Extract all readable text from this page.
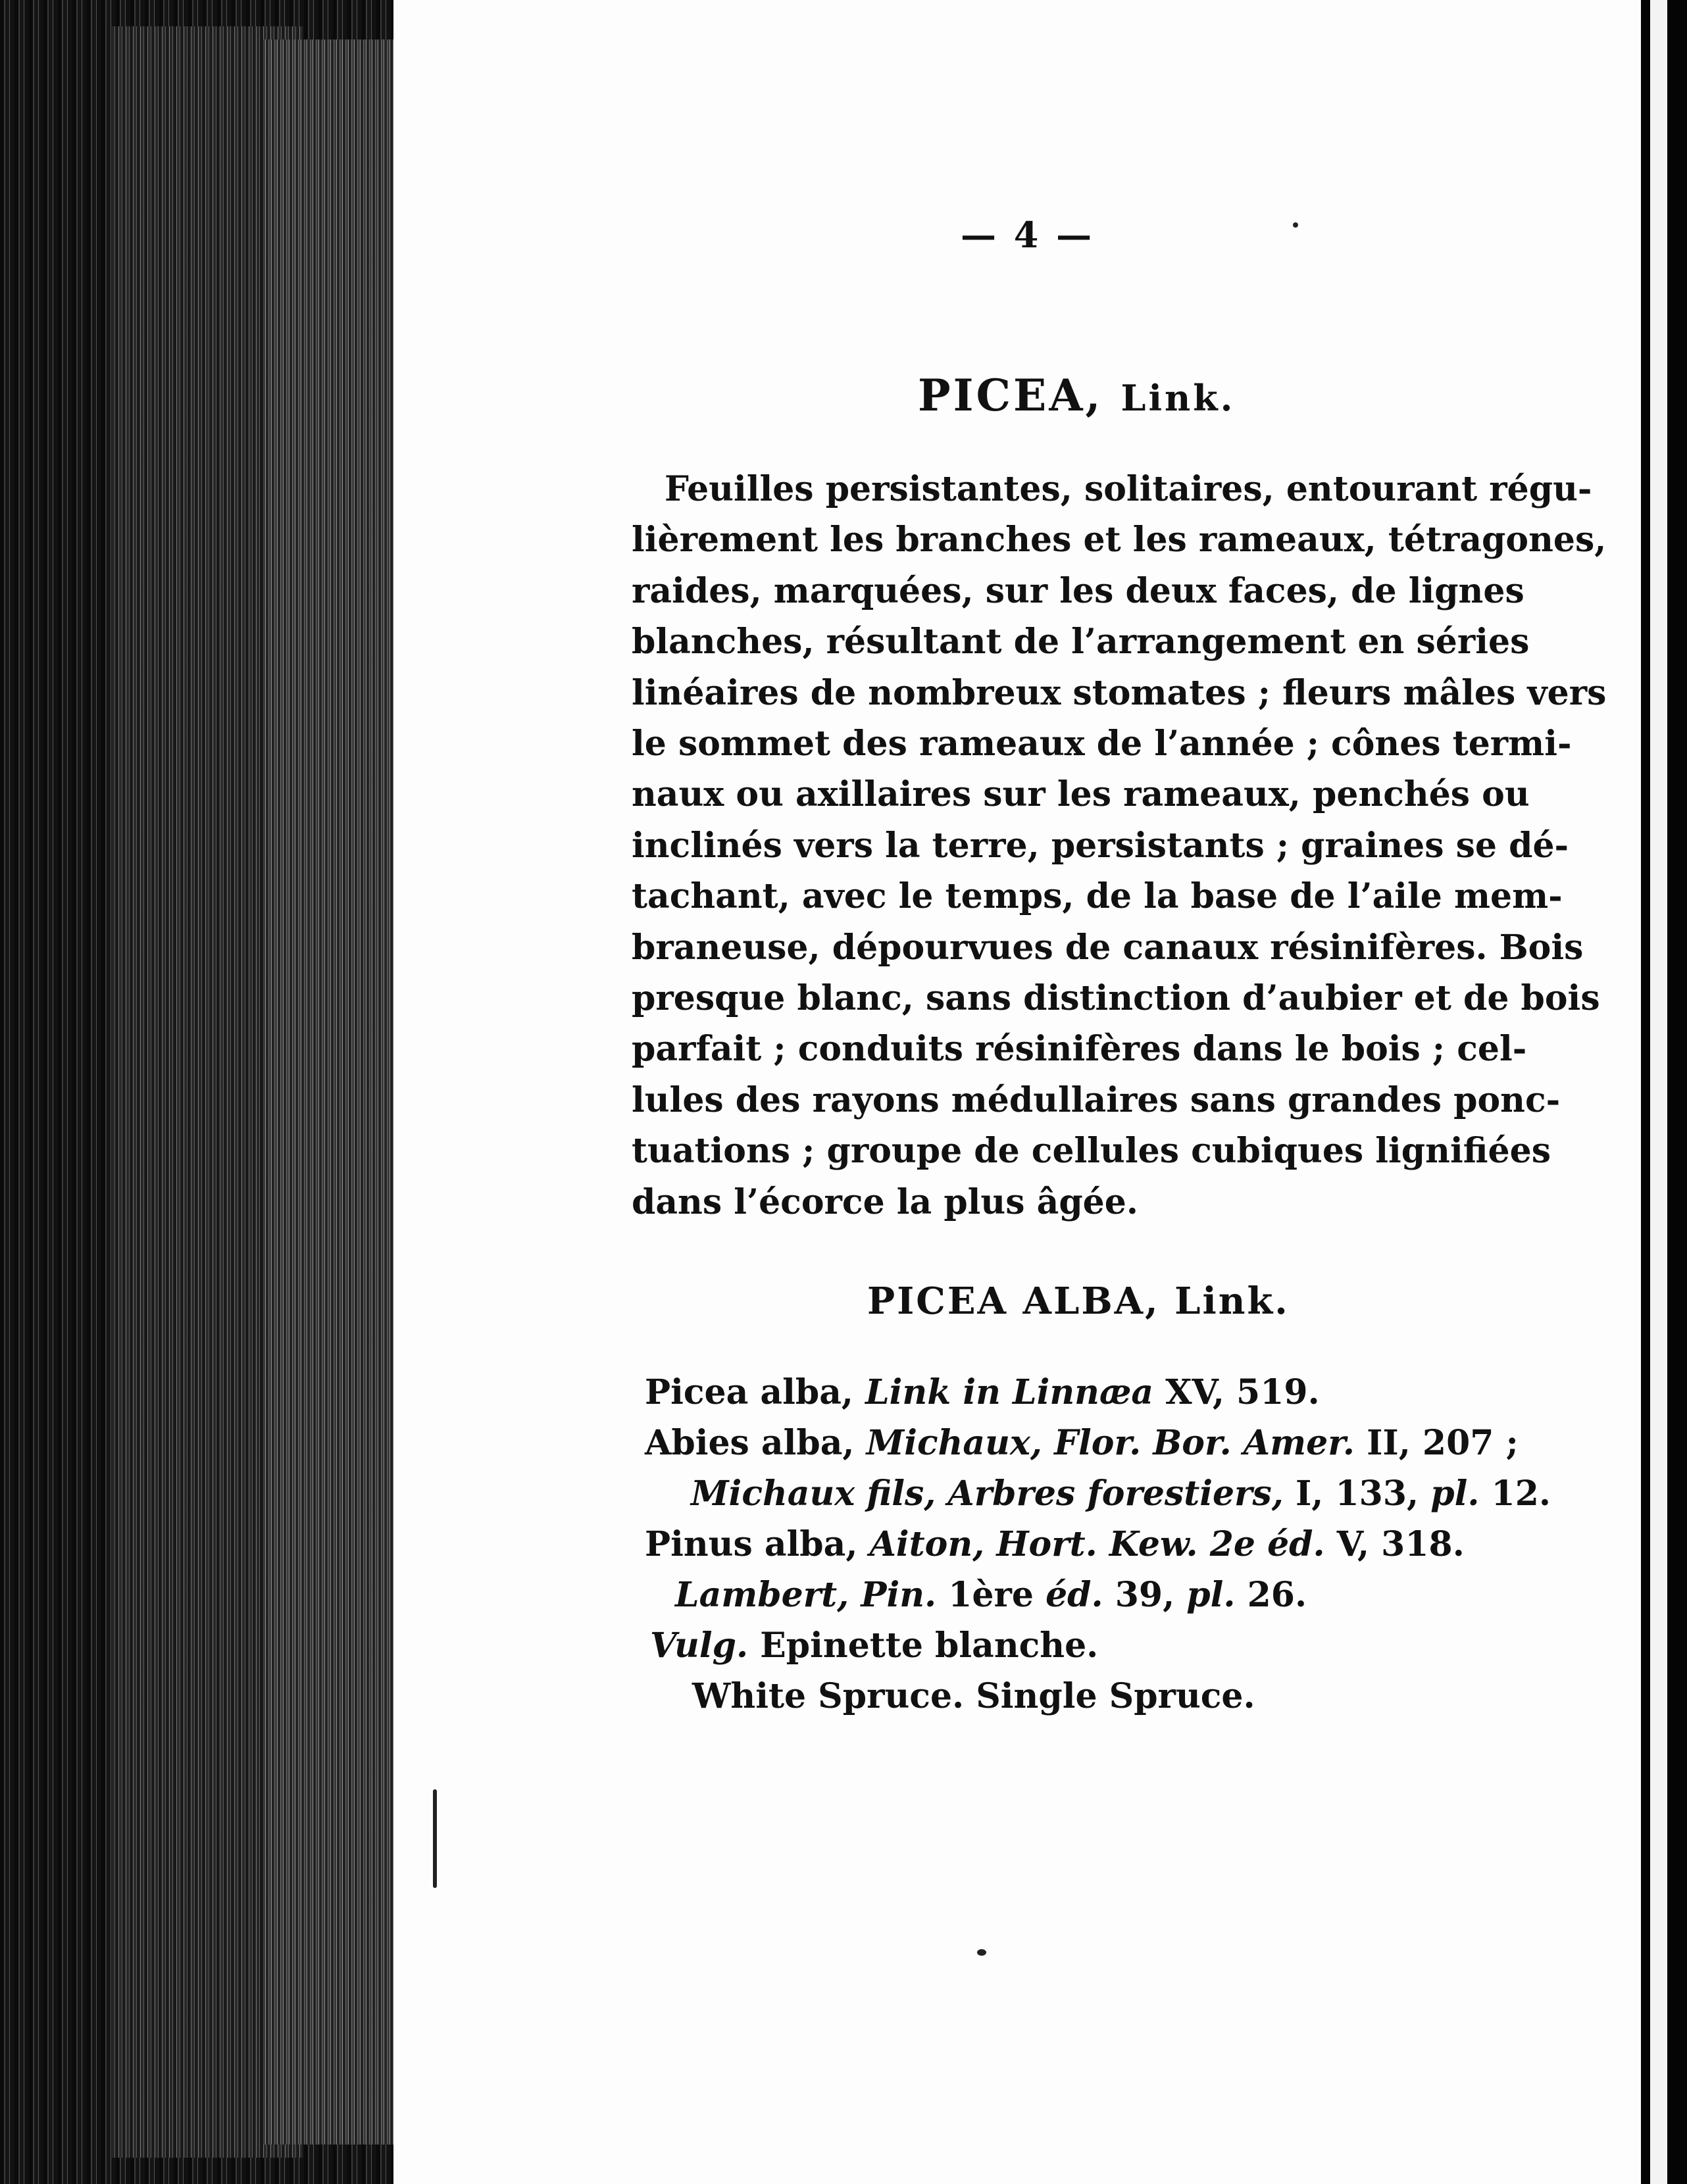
— 4 —
PICEA, Link.

Feuilles persistantes, solitaires, entourant régu-
lièrement les branches et les rameaux, tétragones,
raides, marquées, sur les deux faces, de lignes
blanches, résultant de l’arrangement en séries
linéaires de nombreux stomates ; fleurs mâles vers
le sommet des rameaux de l’année ; cônes termi-
naux ou axillaires sur les rameaux, penchés ou
inclinés vers la terre, persistants ; graines se dé-
tachant, avec le temps, de la base de l’aile mem-
braneuse, dépourvues de canaux résinifères. Bois
presque blanc, sans distinction d’aubier et de bois
parfait ; conduits résinifères dans le bois ; cel-
lules des rayons médullaires sans grandes ponc-
tuations ; groupe de cellules cubiques lignifiées
dans l’écorce la plus âgée.

PICEA ALBA, Link.
Picea alba, Link in Linnæa XV, 519.
Abies alba, Michaux, Flor. Bor. Amer. II, 207 ;
Michaux fils, Arbres forestiers, I, 133, pl. 12.
Pinus alba, Aiton, Hort. Kew. 2e éd. V, 318.
Lambert, Pin. 1ère éd. 39, pl. 26.
Vulg. Epinette blanche.
White Spruce. Single Spruce.
